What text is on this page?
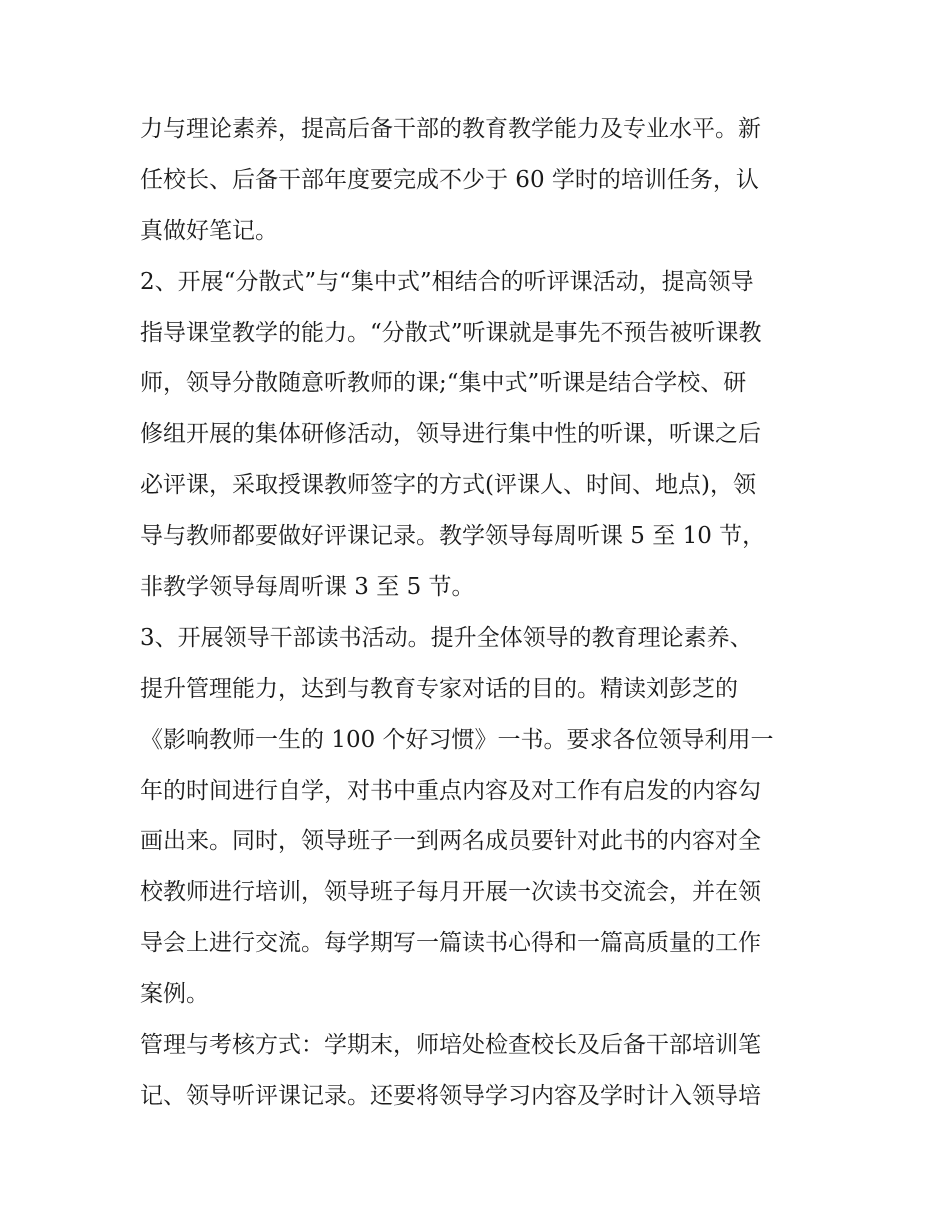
力与理论素养，提高后备干部的教育教学能力及专业水平。新
任校长、后备干部年度要完成不少于 60 学时的培训任务，认
真做好笔记。
2、开展“分散式”与“集中式”相结合的听评课活动，提高领导
指导课堂教学的能力。“分散式”听课就是事先不预告被听课教
师，领导分散随意听教师的课;“集中式”听课是结合学校、研
修组开展的集体研修活动，领导进行集中性的听课，听课之后
必评课，采取授课教师签字的方式(评课人、时间、地点)，领
导与教师都要做好评课记录。教学领导每周听课 5 至 10 节，
非教学领导每周听课 3 至 5 节。
3、开展领导干部读书活动。提升全体领导的教育理论素养、
提升管理能力，达到与教育专家对话的目的。精读刘彭芝的
《影响教师一生的 100 个好习惯》一书。要求各位领导利用一
年的时间进行自学，对书中重点内容及对工作有启发的内容勾
画出来。同时，领导班子一到两名成员要针对此书的内容对全
校教师进行培训，领导班子每月开展一次读书交流会，并在领
导会上进行交流。每学期写一篇读书心得和一篇高质量的工作
案例。
管理与考核方式：学期末，师培处检查校长及后备干部培训笔
记、领导听评课记录。还要将领导学习内容及学时计入领导培
